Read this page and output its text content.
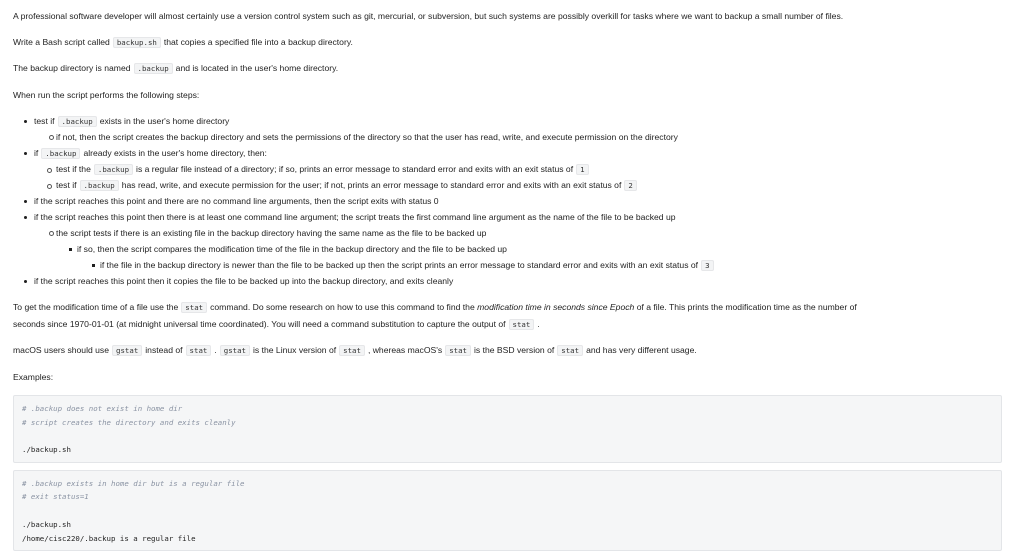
A professional software developer will almost certainly use a version control system such as git, mercurial, or subversion, but such systems are possibly overkill for tasks where we want to backup a small number of files.
Write a Bash script called backup.sh that copies a specified file into a backup directory.
The backup directory is named .backup and is located in the user's home directory.
When run the script performs the following steps:
test if .backup exists in the user's home directory
if not, then the script creates the backup directory and sets the permissions of the directory so that the user has read, write, and execute permission on the directory
if .backup already exists in the user's home directory, then:
test if the .backup is a regular file instead of a directory; if so, prints an error message to standard error and exits with an exit status of 1
test if .backup has read, write, and execute permission for the user; if not, prints an error message to standard error and exits with an exit status of 2
if the script reaches this point and there are no command line arguments, then the script exits with status 0
if the script reaches this point then there is at least one command line argument; the script treats the first command line argument as the name of the file to be backed up
the script tests if there is an existing file in the backup directory having the same name as the file to be backed up
if so, then the script compares the modification time of the file in the backup directory and the file to be backed up
if the file in the backup directory is newer than the file to be backed up then the script prints an error message to standard error and exits with an exit status of 3
if the script reaches this point then it copies the file to be backed up into the backup directory, and exits cleanly
To get the modification time of a file use the stat command. Do some research on how to use this command to find the modification time in seconds since Epoch of a file. This prints the modification time as the number of
seconds since 1970-01-01 (at midnight universal time coordinated). You will need a command substitution to capture the output of stat .
macOS users should use gstat instead of stat . gstat is the Linux version of stat , whereas macOS's stat is the BSD version of stat and has very different usage.
Examples:
# .backup does not exist in home dir
# script creates the directory and exits cleanly
./backup.sh
# .backup exists in home dir but is a regular file
# exit status=1
./backup.sh
/home/cisc220/.backup is a regular file
